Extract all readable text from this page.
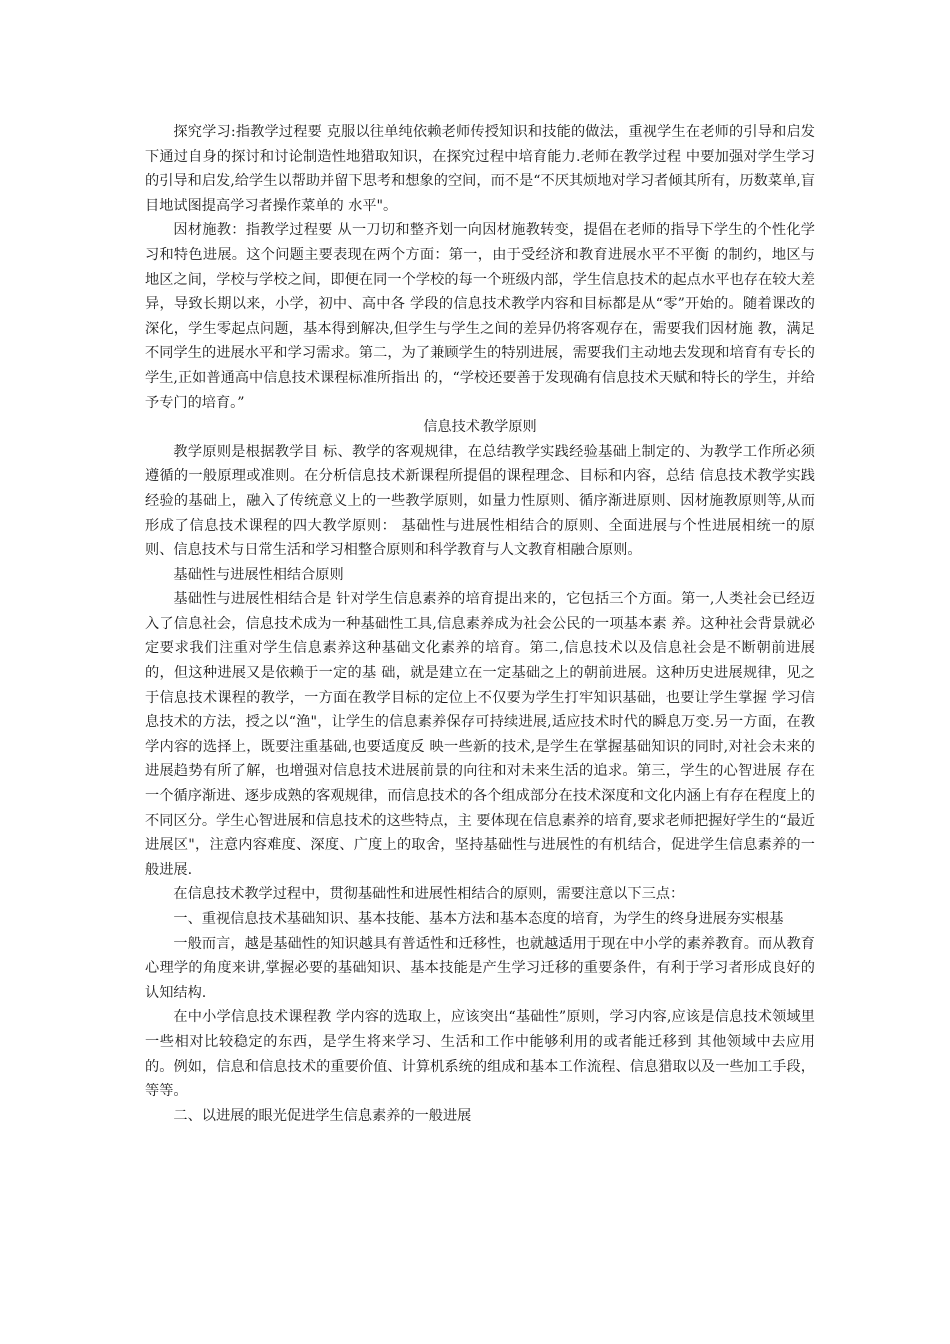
探究学习:指教学过程要 克服以往单纯依赖老师传授知识和技能的做法，重视学生在老师的引导和启发下通过自身的探讨和讨论制造性地猎取知识，在探究过程中培育能力.老师在教学过程 中要加强对学生学习的引导和启发,给学生以帮助并留下思考和想象的空间，而不是“不厌其烦地对学习者倾其所有，历数菜单,盲目地试图提高学习者操作菜单的 水平"。

因材施教：指教学过程要 从一刀切和整齐划一向因材施教转变，提倡在老师的指导下学生的个性化学习和特色进展。这个问题主要表现在两个方面：第一，由于受经济和教育进展水平不平衡 的制约，地区与地区之间，学校与学校之间，即便在同一个学校的每一个班级内部，学生信息技术的起点水平也存在较大差异，导致长期以来，小学，初中、高中各 学段的信息技术教学内容和目标都是从“零”开始的。随着课改的深化，学生零起点问题，基本得到解决,但学生与学生之间的差异仍将客观存在，需要我们因材施 教，满足不同学生的进展水平和学习需求。第二，为了兼顾学生的特别进展，需要我们主动地去发现和培育有专长的学生,正如普通高中信息技术课程标准所指出 的，“学校还要善于发现确有信息技术天赋和特长的学生，并给予专门的培育。”

信息技术教学原则

教学原则是根据教学目 标、教学的客观规律，在总结教学实践经验基础上制定的、为教学工作所必须遵循的一般原理或准则。在分析信息技术新课程所提倡的课程理念、目标和内容，总结 信息技术教学实践经验的基础上，融入了传统意义上的一些教学原则，如量力性原则、循序渐进原则、因材施教原则等,从而形成了信息技术课程的四大教学原则： 基础性与进展性相结合的原则、全面进展与个性进展相统一的原则、信息技术与日常生活和学习相整合原则和科学教育与人文教育相融合原则。

基础性与进展性相结合原则

基础性与进展性相结合是 针对学生信息素养的培育提出来的，它包括三个方面。第一,人类社会已经迈入了信息社会，信息技术成为一种基础性工具,信息素养成为社会公民的一项基本素 养。这种社会背景就必定要求我们注重对学生信息素养这种基础文化素养的培育。第二,信息技术以及信息社会是不断朝前进展的，但这种进展又是依赖于一定的基 础，就是建立在一定基础之上的朝前进展。这种历史进展规律，见之于信息技术课程的教学，一方面在教学目标的定位上不仅要为学生打牢知识基础，也要让学生掌握 学习信息技术的方法，授之以“渔"，让学生的信息素养保存可持续进展,适应技术时代的瞬息万变.另一方面，在教学内容的选择上，既要注重基础,也要适度反 映一些新的技术,是学生在掌握基础知识的同时,对社会未来的进展趋势有所了解，也增强对信息技术进展前景的向往和对未来生活的追求。第三，学生的心智进展 存在一个循序渐进、逐步成熟的客观规律，而信息技术的各个组成部分在技术深度和文化内涵上有存在程度上的不同区分。学生心智进展和信息技术的这些特点，主 要体现在信息素养的培育,要求老师把握好学生的“最近进展区"，注意内容难度、深度、广度上的取舍，坚持基础性与进展性的有机结合，促进学生信息素养的一 般进展.

在信息技术教学过程中，贯彻基础性和进展性相结合的原则，需要注意以下三点：

一、重视信息技术基础知识、基本技能、基本方法和基本态度的培育，为学生的终身进展夯实根基

一般而言，越是基础性的知识越具有普适性和迁移性，也就越适用于现在中小学的素养教育。而从教育心理学的角度来讲,掌握必要的基础知识、基本技能是产生学习迁移的重要条件，有利于学习者形成良好的认知结构.

在中小学信息技术课程教 学内容的选取上，应该突出“基础性”原则，学习内容,应该是信息技术领域里一些相对比较稳定的东西，是学生将来学习、生活和工作中能够利用的或者能迁移到 其他领域中去应用的。例如，信息和信息技术的重要价值、计算机系统的组成和基本工作流程、信息猎取以及一些加工手段，等等。

二、以进展的眼光促进学生信息素养的一般进展
